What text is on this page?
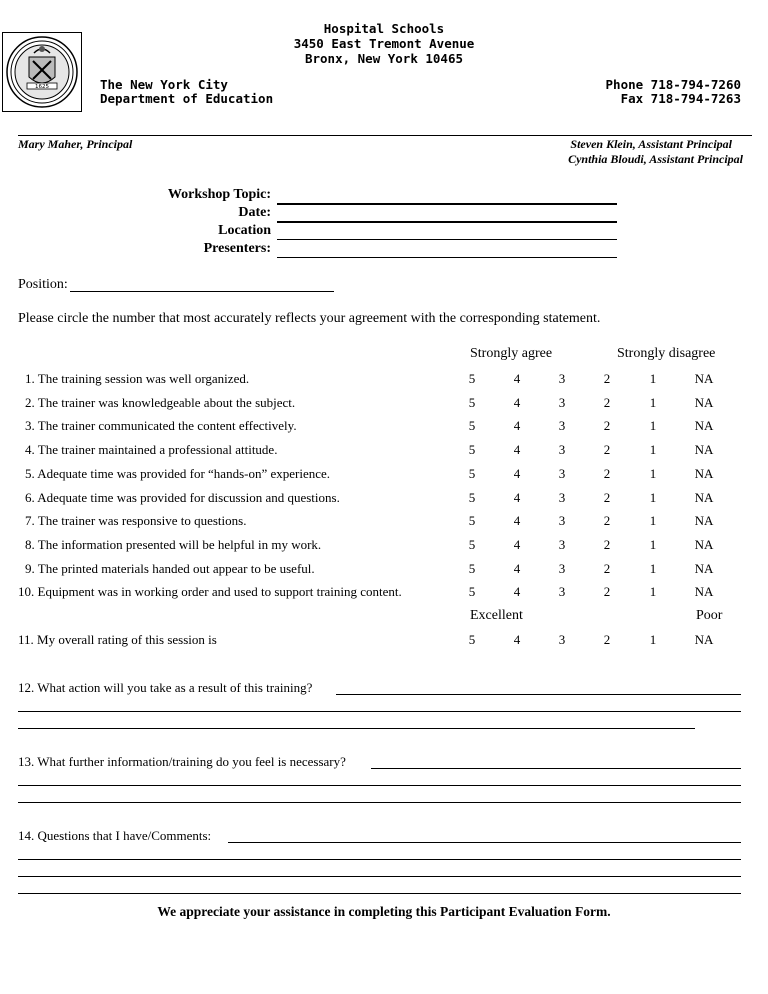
1625
Hospital Schools
3450 East Tremont Avenue
Bronx, New York 10465
The New York City
Department of Education
Phone 718-794-7260
Fax 718-794-7263
Mary Maher, Principal	Steven Klein, Assistant Principal
Cynthia Bloudi, Assistant Principal
Workshop Topic:
Date:
Location
Presenters:
Position:
Please circle the number that most accurately reflects your agreement with the corresponding statement.
Strongly agree	Strongly disagree
1. The training session was well organized.	5	4	3	2	1	NA
2. The trainer was knowledgeable about the subject.	5	4	3	2	1	NA
3. The trainer communicated the content effectively.	5	4	3	2	1	NA
4. The trainer maintained a professional attitude.	5	4	3	2	1	NA
5. Adequate time was provided for “hands-on” experience.	5	4	3	2	1	NA
6. Adequate time was provided for discussion and questions.	5	4	3	2	1	NA
7. The trainer was responsive to questions.	5	4	3	2	1	NA
8. The information presented will be helpful in my work.	5	4	3	2	1	NA
9. The printed materials handed out appear to be useful.	5	4	3	2	1	NA
10. Equipment was in working order and used to support training content.	5	4	3	2	1	NA
11. My overall rating of this session is	5	4	3	2	1	NA
Excellent	Poor
12. What action will you take as a result of this training?
13. What further information/training do you feel is necessary?
14. Questions that I have/Comments:
We appreciate your assistance in completing this Participant Evaluation Form.
